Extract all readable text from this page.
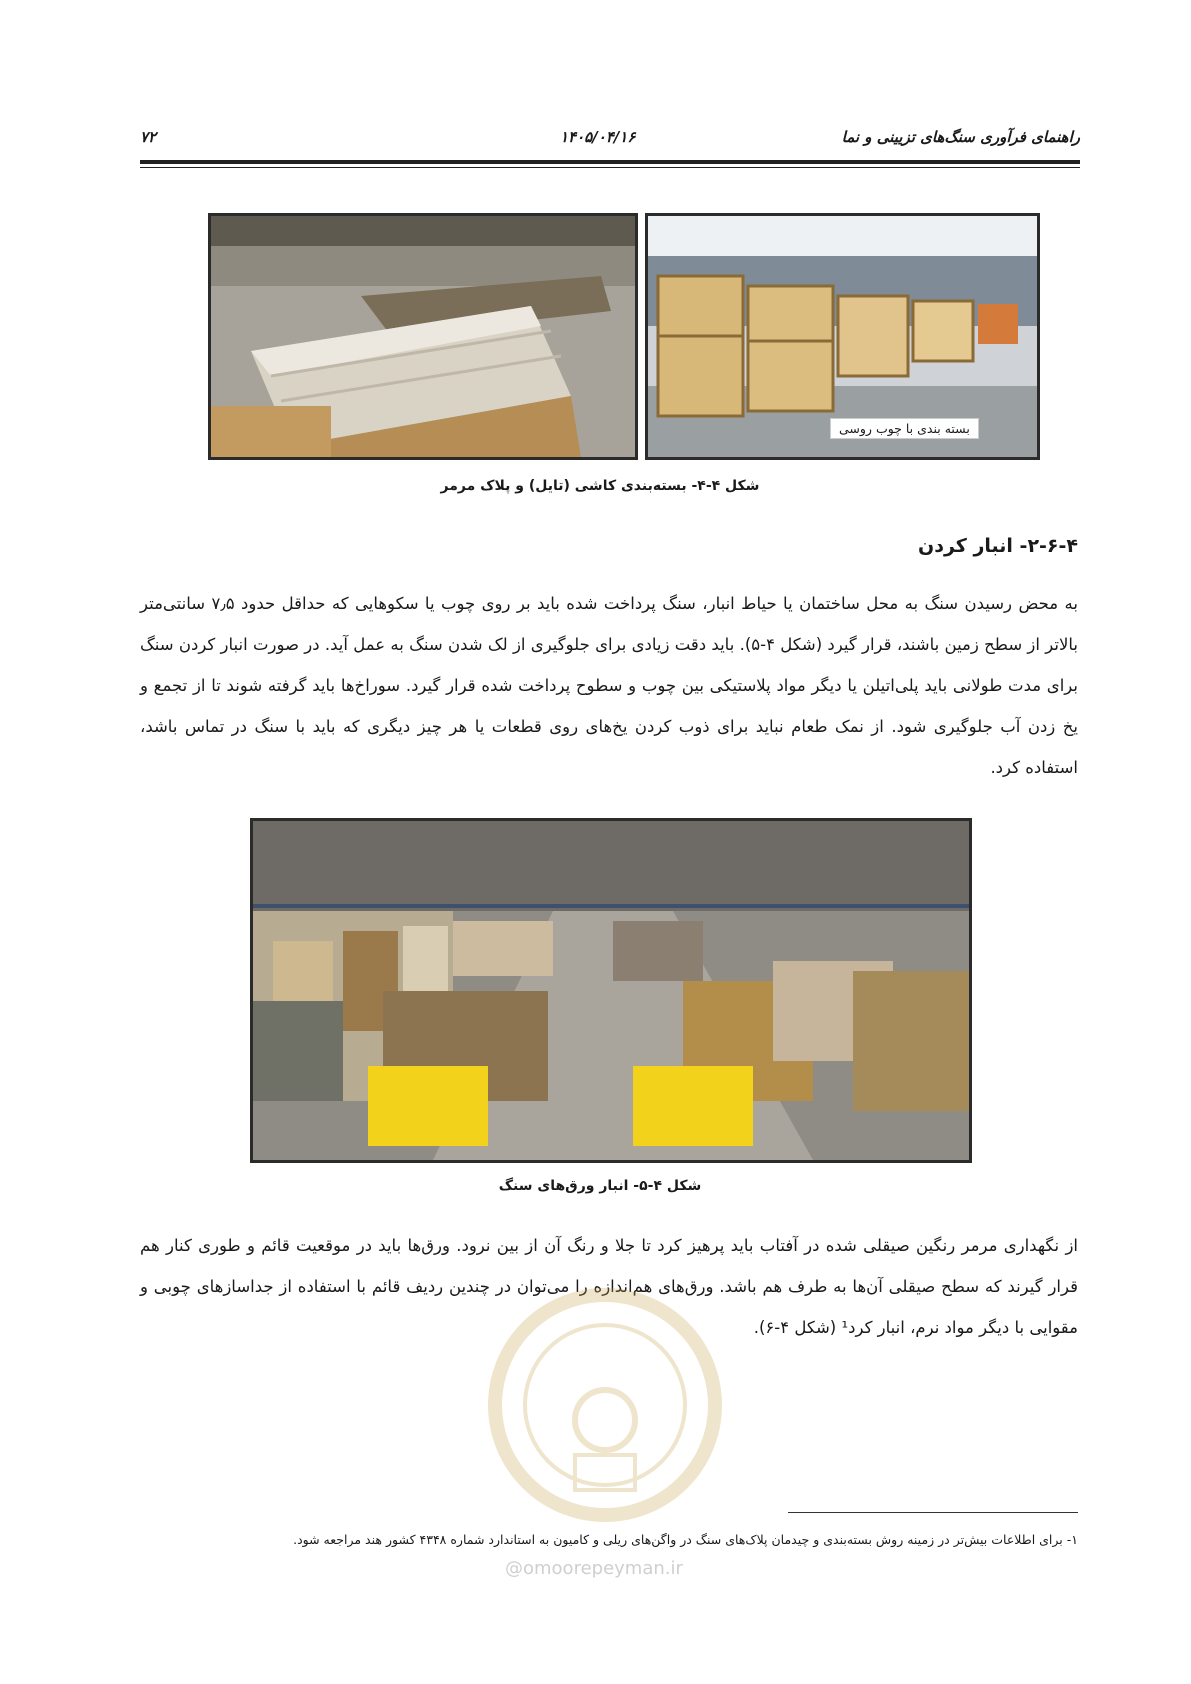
۷۲	۱۴۰۵/۰۴/۱۶	راهنمای فرآوری سنگ‌های تزیینی و نما
بسته بندی با چوب روسی
شکل ۴-۴- بسته‌بندی کاشی (تایل) و پلاک مرمر
۲-۶-۴- انبار کردن
به محض رسیدن سنگ به محل ساختمان یا حیاط انبار، سنگ پرداخت شده باید بر روی چوب یا سکوهایی که حداقل حدود ۷٫۵ سانتی‌متر بالاتر از سطح زمین باشند، قرار گیرد (شکل ۴-۵). باید دقت زیادی برای جلوگیری از لک شدن سنگ به عمل آید. در صورت انبار کردن سنگ برای مدت طولانی باید پلی‌اتیلن یا دیگر مواد پلاستیکی بین چوب و سطوح پرداخت شده قرار گیرد. سوراخ‌ها باید گرفته شوند تا از تجمع و یخ زدن آب جلوگیری شود. از نمک طعام نباید برای ذوب کردن یخ‌های روی قطعات یا هر چیز دیگری که باید با سنگ در تماس باشد، استفاده کرد.
شکل ۴-۵- انبار ورق‌های سنگ
از نگهداری مرمر رنگین صیقلی شده در آفتاب باید پرهیز کرد تا جلا و رنگ آن از بین نرود. ورق‌ها باید در موقعیت قائم و طوری کنار هم قرار گیرند که سطح صیقلی آن‌ها به طرف هم باشد. ورق‌های هم‌اندازه را می‌توان در چندین ردیف قائم با استفاده از جداسازهای چوبی و مقوایی با دیگر مواد نرم، انبار کرد¹ (شکل ۴-۶).
@omoorepeyman.ir
۱- برای اطلاعات بیش‌تر در زمینه روش بسته‌بندی و چیدمان پلاک‌های سنگ در واگن‌های ریلی و کامیون به استاندارد شماره ۴۳۴۸ کشور هند مراجعه شود.
